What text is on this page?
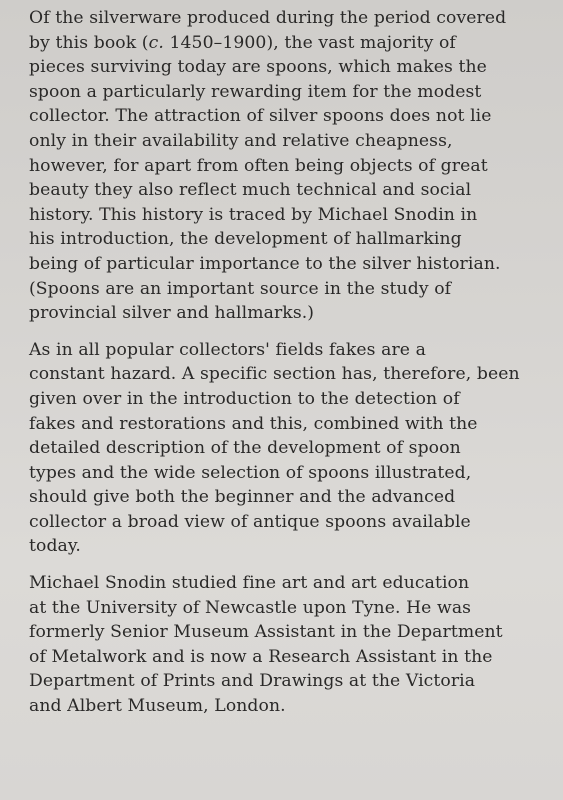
Of the silverware produced during the period covered
by this book (c. 1450–1900), the vast majority of
pieces surviving today are spoons, which makes the
spoon a particularly rewarding item for the modest
collector. The attraction of silver spoons does not lie
only in their availability and relative cheapness,
however, for apart from often being objects of great
beauty they also reflect much technical and social
history. This history is traced by Michael Snodin in
his introduction, the development of hallmarking
being of particular importance to the silver historian.
(Spoons are an important source in the study of
provincial silver and hallmarks.)
As in all popular collectors' fields fakes are a
constant hazard. A specific section has, therefore, been
given over in the introduction to the detection of
fakes and restorations and this, combined with the
detailed description of the development of spoon
types and the wide selection of spoons illustrated,
should give both the beginner and the advanced
collector a broad view of antique spoons available
today.
Michael Snodin studied fine art and art education
at the University of Newcastle upon Tyne. He was
formerly Senior Museum Assistant in the Department
of Metalwork and is now a Research Assistant in the
Department of Prints and Drawings at the Victoria
and Albert Museum, London.
